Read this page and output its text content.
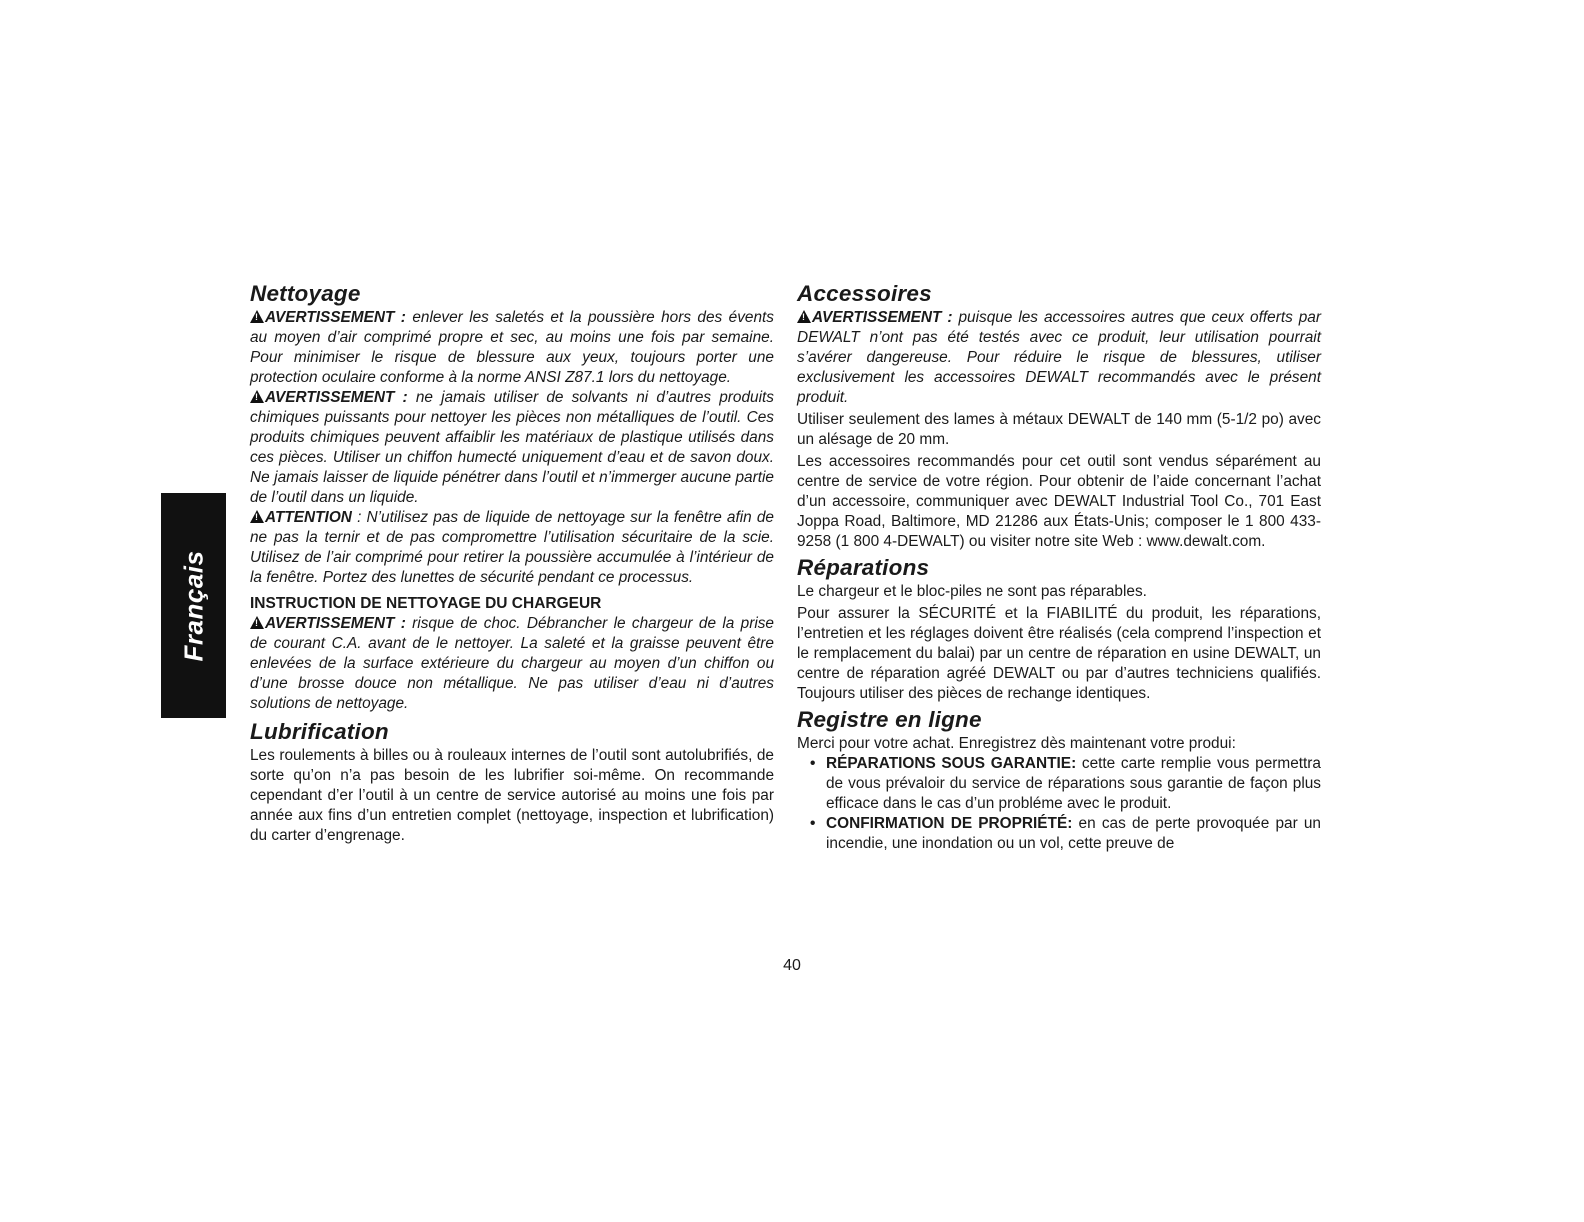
Français
Nettoyage

!AVERTISSEMENT : enlever les saletés et la poussière hors des évents au moyen d’air comprimé propre et sec, au moins une fois par semaine. Pour minimiser le risque de blessure aux yeux, toujours porter une protection oculaire conforme à la norme ANSI Z87.1 lors du nettoyage.

!AVERTISSEMENT : ne jamais utiliser de solvants ni d’autres produits chimiques puissants pour nettoyer les pièces non métalliques de l’outil. Ces produits chimiques peuvent affaiblir les matériaux de plastique utilisés dans ces pièces. Utiliser un chiffon humecté uniquement d’eau et de savon doux. Ne jamais laisser de liquide pénétrer dans l’outil et n’immerger aucune partie de l’outil dans un liquide.

!ATTENTION : N’utilisez pas de liquide de nettoyage sur la fenêtre afin de ne pas la ternir et de pas compromettre l’utilisation sécuritaire de la scie. Utilisez de l’air comprimé pour retirer la poussière accumulée à l’intérieur de la fenêtre. Portez des lunettes de sécurité pendant ce processus.

INSTRUCTION DE NETTOYAGE DU CHARGEUR

!AVERTISSEMENT : risque de choc. Débrancher le chargeur de la prise de courant C.A. avant de le nettoyer. La saleté et la graisse peuvent être enlevées de la surface extérieure du chargeur au moyen d’un chiffon ou d’une brosse douce non métallique. Ne pas utiliser d’eau ni d’autres solutions de nettoyage.

Lubrification

Les roulements à billes ou à rouleaux internes de l’outil sont autolubrifiés, de sorte qu’on n’a pas besoin de les lubrifier soi-même. On recommande cependant d’er l’outil à un centre de service autorisé au moins une fois par année aux fins d’un entretien complet (nettoyage, inspection et lubrification) du carter d’engrenage.

Accessoires

!AVERTISSEMENT : puisque les accessoires autres que ceux offerts par DEWALT n’ont pas été testés avec ce produit, leur utilisation pourrait s’avérer dangereuse. Pour réduire le risque de blessures, utiliser exclusivement les accessoires DEWALT recommandés avec le présent produit.

Utiliser seulement des lames à métaux DEWALT de 140 mm (5-1/2 po) avec un alésage de 20 mm.

Les accessoires recommandés pour cet outil sont vendus séparément au centre de service de votre région. Pour obtenir de l’aide concernant l’achat d’un accessoire, communiquer avec DEWALT Industrial Tool Co., 701 East Joppa Road, Baltimore, MD 21286 aux États-Unis; composer le 1 800 433-9258 (1 800 4-DEWALT) ou visiter notre site Web : www.dewalt.com.

Réparations

Le chargeur et le bloc-piles ne sont pas réparables.

Pour assurer la SÉCURITÉ et la FIABILITÉ du produit, les réparations, l’entretien et les réglages doivent être réalisés (cela comprend l’inspection et le remplacement du balai) par un centre de réparation en usine DEWALT, un centre de réparation agréé DEWALT ou par d’autres techniciens qualifiés. Toujours utiliser des pièces de rechange identiques.

Registre en ligne

Merci pour votre achat. Enregistrez dès maintenant votre produi:

• RÉPARATIONS SOUS GARANTIE: cette carte remplie vous permettra de vous prévaloir du service de réparations sous garantie de façon plus efficace dans le cas d’un probléme avec le produit.
• CONFIRMATION DE PROPRIÉTÉ: en cas de perte provoquée par un incendie, une inondation ou un vol, cette preuve de
40
